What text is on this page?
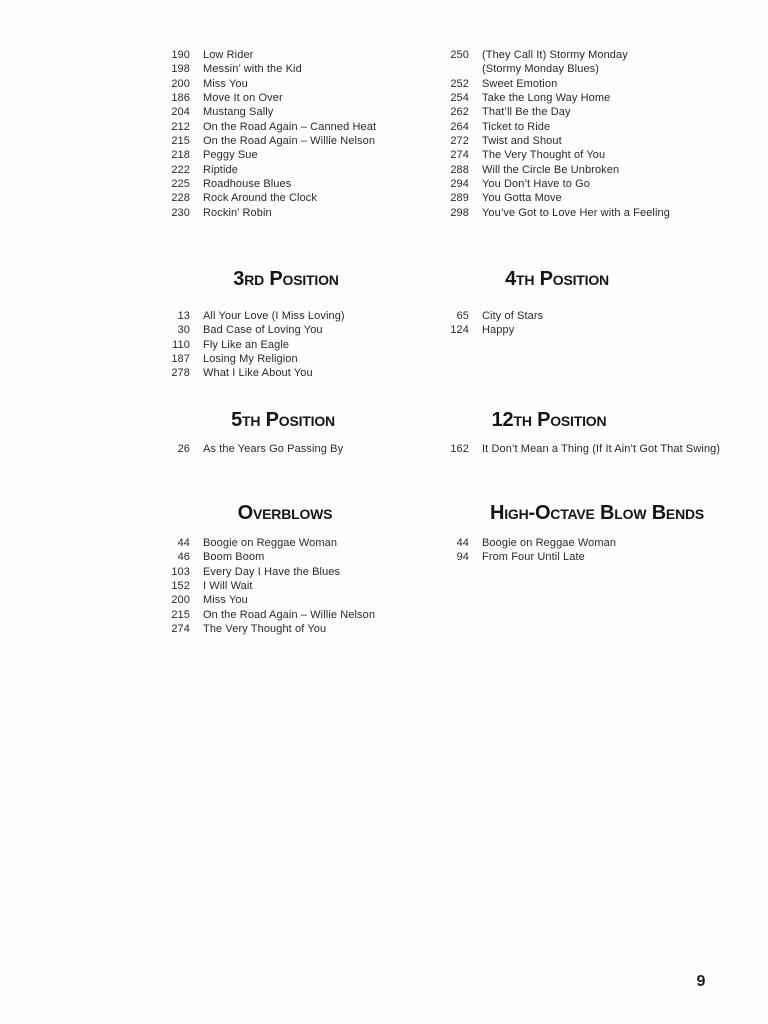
190 Low Rider
198 Messin’ with the Kid
200 Miss You
186 Move It on Over
204 Mustang Sally
212 On the Road Again – Canned Heat
215 On the Road Again – Willie Nelson
218 Peggy Sue
222 Riptide
225 Roadhouse Blues
228 Rock Around the Clock
230 Rockin’ Robin
250 (They Call It) Stormy Monday
(Stormy Monday Blues)
252 Sweet Emotion
254 Take the Long Way Home
262 That’ll Be the Day
264 Ticket to Ride
272 Twist and Shout
274 The Very Thought of You
288 Will the Circle Be Unbroken
294 You Don’t Have to Go
289 You Gotta Move
298 You’ve Got to Love Her with a Feeling
3rd Position	4th Position
13 All Your Love (I Miss Loving)
30 Bad Case of Loving You
110 Fly Like an Eagle
187 Losing My Religion
278 What I Like About You
65 City of Stars
124 Happy
5th Position	12th Position
26 As the Years Go Passing By	162 It Don’t Mean a Thing (If It Ain’t Got That Swing)
Overblows	High-Octave Blow Bends
44 Boogie on Reggae Woman
46 Boom Boom
103 Every Day I Have the Blues
152 I Will Wait
200 Miss You
215 On the Road Again – Willie Nelson
274 The Very Thought of You
44 Boogie on Reggae Woman
94 From Four Until Late
9
